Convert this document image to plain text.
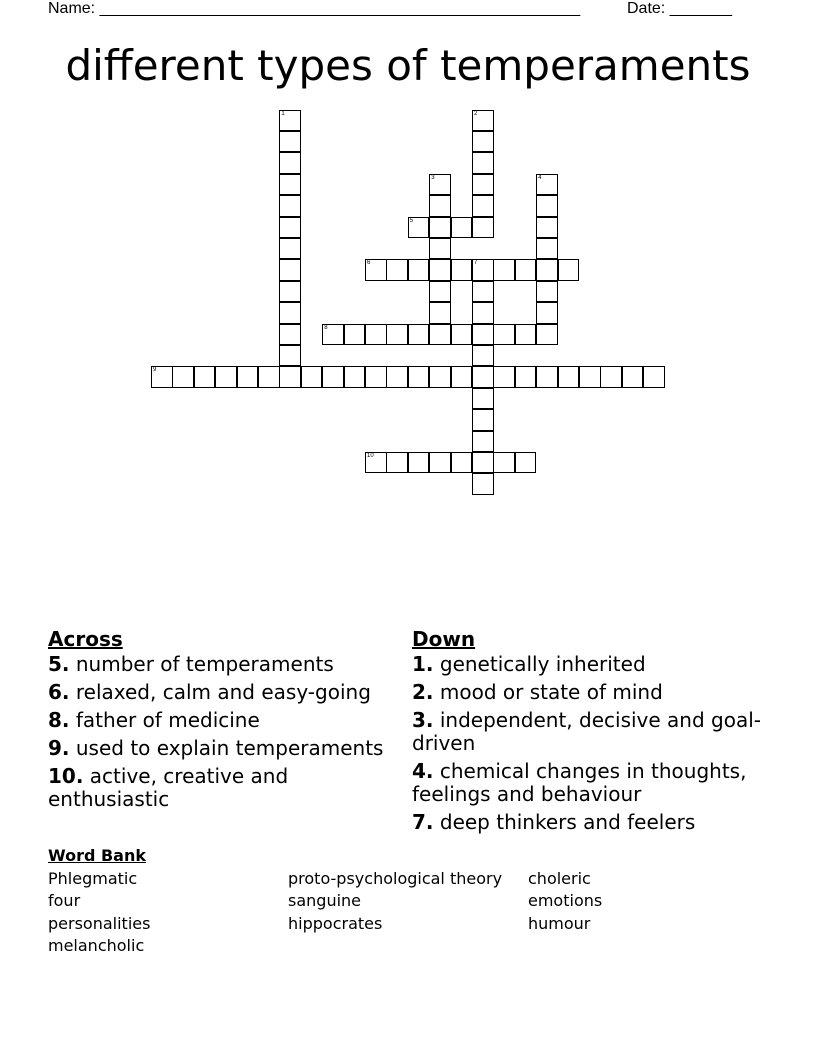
Name: ______________________________________________________	Date: _______
different types of temperaments
1	2
3	4
5
6	7
8
9
10
Across
5. number of temperaments
6. relaxed, calm and easy-going
8. father of medicine
9. used to explain temperaments
10. active, creative and enthusiastic
Down
1. genetically inherited
2. mood or state of mind
3. independent, decisive and goal-driven
4. chemical changes in thoughts, feelings and behaviour
7. deep thinkers and feelers
Word Bank
Phlegmatic	proto-psychological theory	choleric
four	sanguine	emotions
personalities	hippocrates	humour
melancholic
